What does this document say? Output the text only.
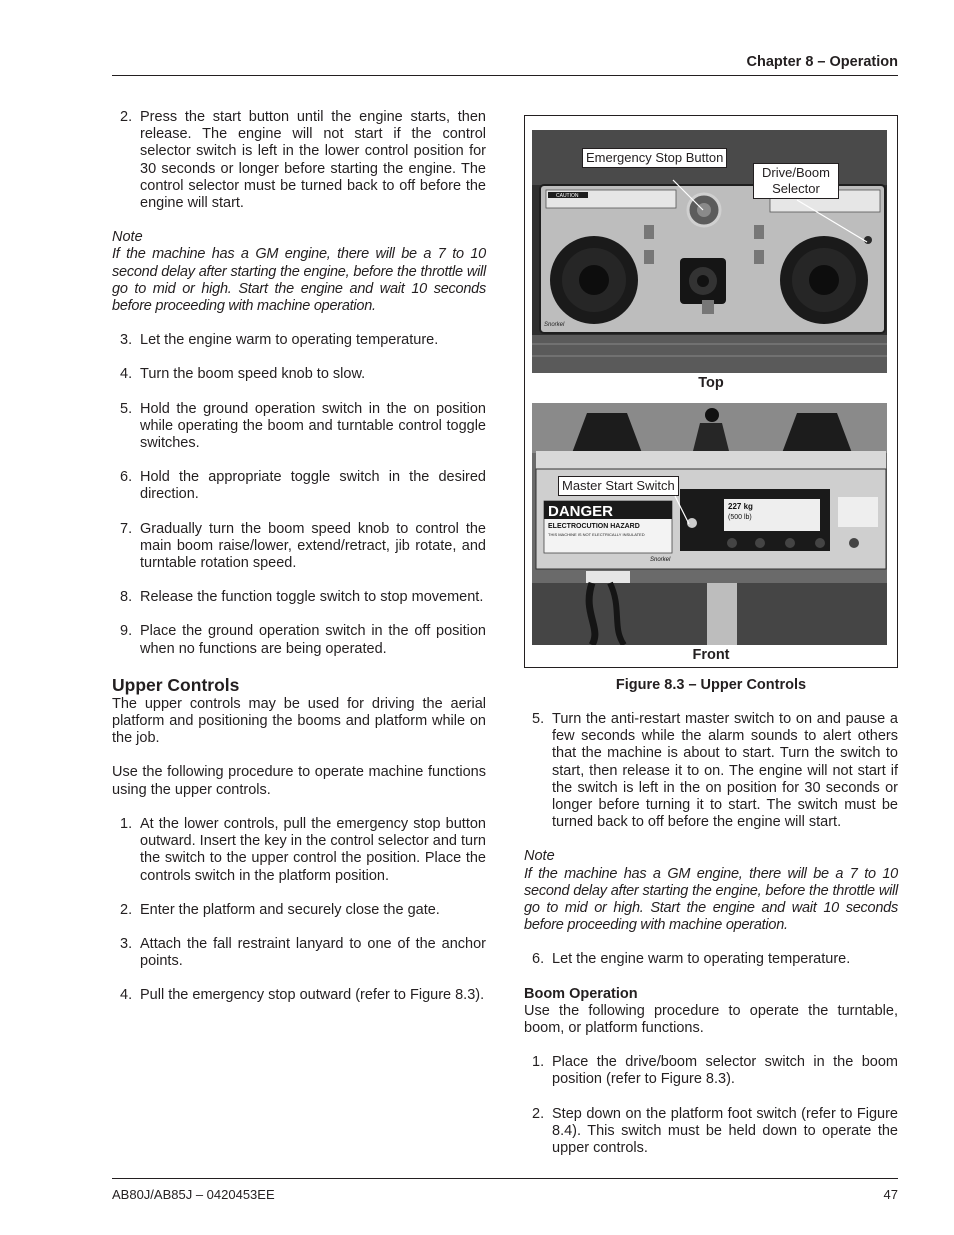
Chapter 8 – Operation
2. Press the start button until the engine starts, then release. The engine will not start if the control selector switch is left in the lower control position for 30 seconds or longer before starting the engine. The control selector must be turned back to off before the engine will start.

Note

If the machine has a GM engine, there will be a 7 to 10 second delay after starting the engine, before the throttle will go to mid or high. Start the engine and wait 10 seconds before proceeding with machine operation.

3. Let the engine warm to operating temperature.
4. Turn the boom speed knob to slow.
5. Hold the ground operation switch in the on position while operating the boom and turntable control toggle switches.
6. Hold the appropriate toggle switch in the desired direction.
7. Gradually turn the boom speed knob to control the main boom raise/lower, extend/retract, jib rotate, and turntable rotation speed.
8. Release the function toggle switch to stop movement.
9. Place the ground operation switch in the off position when no functions are being operated.
Upper Controls

The upper controls may be used for driving the aerial platform and positioning the booms and platform while on the job.

Use the following procedure to operate machine functions using the upper controls.

1. At the lower controls, pull the emergency stop button outward. Insert the key in the control selector and turn the switch to the upper control the position. Place the controls switch in the platform position.
2. Enter the platform and securely close the gate.
3. Attach the fall restraint lanyard to one of the anchor points.
4. Pull the emergency stop outward (refer to Figure 8.3).
CAUTION
Snorkel
Emergency Stop Button
Drive/Boom Selector
Top
DANGER
ELECTROCUTION HAZARD
THIS MACHINE IS NOT ELECTRICALLY INSULATED
227 kg
(500 lb)
Snorkel
Master Start Switch
Front
Figure 8.3 – Upper Controls
5. Turn the anti-restart master switch to on and pause a few seconds while the alarm sounds to alert others that the machine is about to start. Turn the switch to start, then release it to on. The engine will not start if the switch is left in the on position for 30 seconds or longer before turning it to start. The switch must be turned back to off before the engine will start.

Note

If the machine has a GM engine, there will be a 7 to 10 second delay after starting the engine, before the throttle will go to mid or high. Start the engine and wait 10 seconds before proceeding with machine operation.

6. Let the engine warm to operating temperature.

Boom Operation

Use the following procedure to operate the turntable, boom, or platform functions.

1. Place the drive/boom selector switch in the boom position (refer to Figure 8.3).
2. Step down on the platform foot switch (refer to Figure 8.4). This switch must be held down to operate the upper controls.
AB80J/AB85J – 0420453EE	47
